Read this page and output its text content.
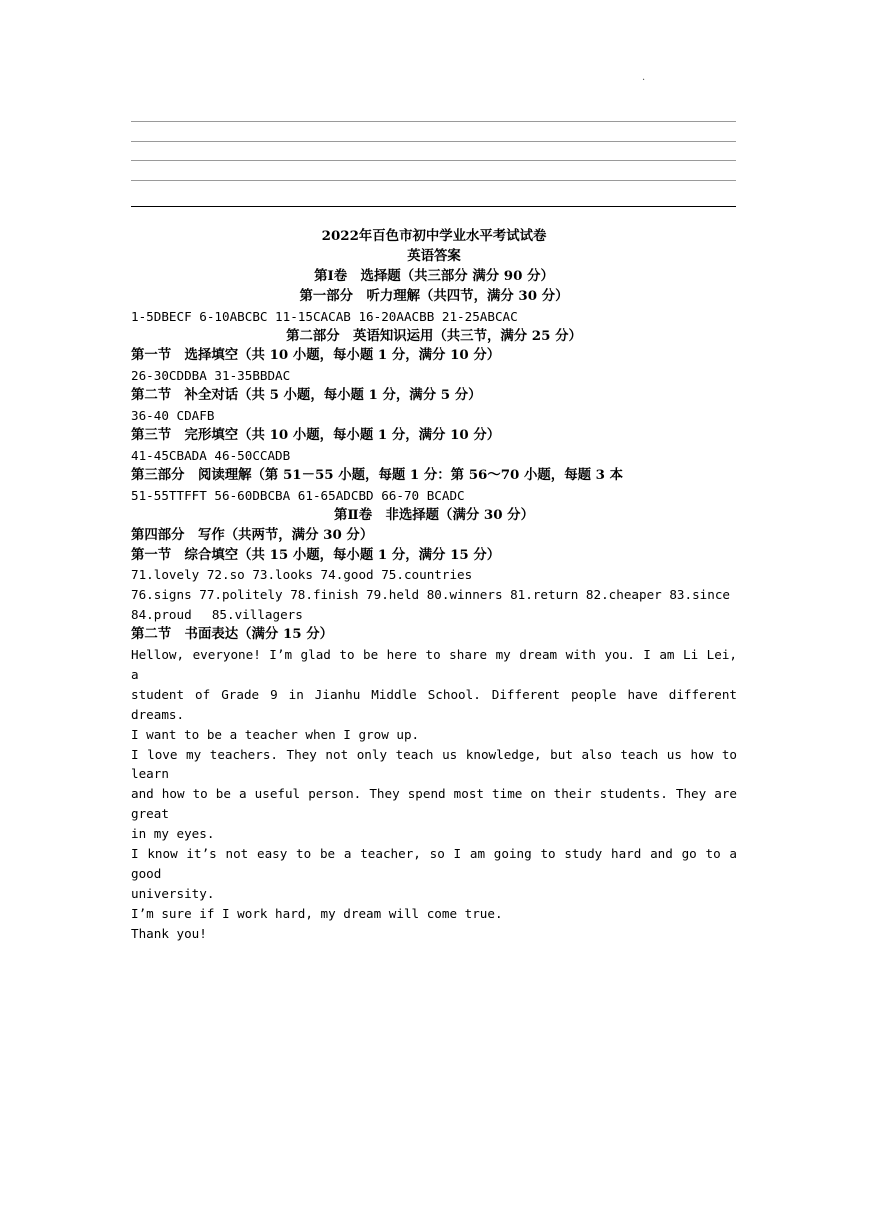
·
2022年百色市初中学业水平考试试卷
英语答案
第Ⅰ卷　选择题（共三部分 满分 90 分）
第一部分　听力理解（共四节，满分 30 分）
1-5DBECF 6-10ABCBC 11-15CACAB 16-20AACBB 21-25ABCAC
第二部分　英语知识运用（共三节，满分 25 分）
第一节　选择填空（共 10 小题，每小题 1 分，满分 10 分）
26-30CDDBA 31-35BBDAC
第二节　补全对话（共 5 小题，每小题 1 分，满分 5 分）
36-40 CDAFB
第三节　完形填空（共 10 小题，每小题 1 分，满分 10 分）
41-45CBADA 46-50CCADB
第三部分　阅读理解（第 51－55 小题，每题 1 分：第 56～70 小题，每题 3 本
51-55TTFFT 56-60DBCBA 61-65ADCBD 66-70 BCADC
第Ⅱ卷　非选择题（满分 30 分）
第四部分　写作（共两节，满分 30 分）
第一节　综合填空（共 15 小题，每小题 1 分，满分 15 分）
71.lovely 72.so 73.looks 74.good 75.countries
76.signs 77.politely 78.finish 79.held 80.winners 81.return 82.cheaper 83.since
84.proud　 85.villagers
第二节　书面表达（满分 15 分）
Hellow, everyone! I’m glad to be here to share my dream with you. I am Li Lei, a
student of Grade 9 in Jianhu Middle School. Different people have different dreams.
I want to be a teacher when I grow up.
I love my teachers. They not only teach us knowledge, but also teach us how to learn
and how to be a useful person. They spend most time on their students. They are great
in my eyes.
I know it’s not easy to be a teacher, so I am going to study hard and go to a good
university.
I’m sure if I work hard, my dream will come true.
Thank you!
